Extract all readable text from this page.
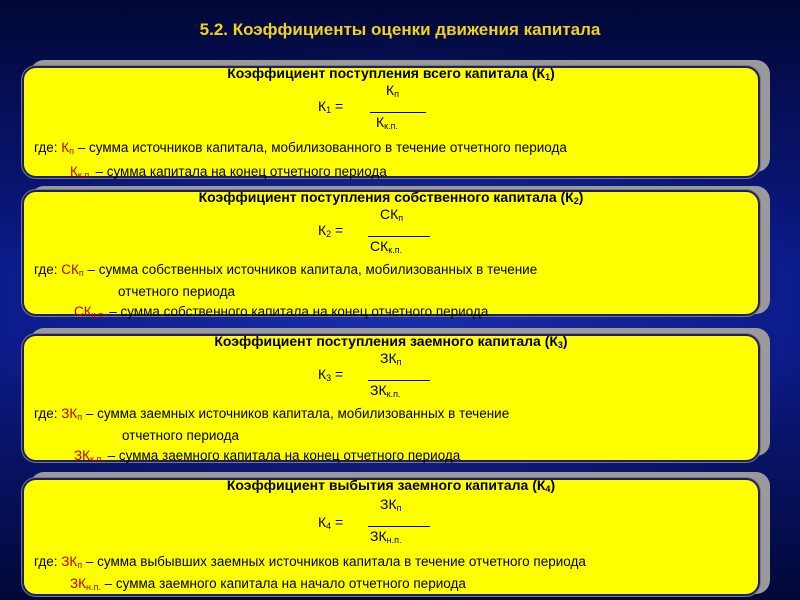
5.2. Коэффициенты оценки движения капитала
Коэффициент поступления всего капитала $(К_1)$
$К_1$ =
$К_п$
$К_{к.п.}$
где: $К_п$ – сумма источников капитала, мобилизованного в течение отчетного периода
$К_{к.п.}$ – сумма капитала на конец отчетного периода
Коэффициент поступления собственного капитала $(К_2)$
$К_2$ =
$СК_п$
$СК_{к.п.}$
где: $СК_п$ – сумма собственных источников капитала, мобилизованных в течение
отчетного периода
$СК_{к.п.}$ – сумма собственного капитала на конец отчетного периода
Коэффициент поступления заемного капитала $(К_3)$
$К_3$ =
$ЗК_п$
$ЗК_{к.п.}$
где: $ЗК_п$ – сумма заемных источников капитала, мобилизованных в течение
отчетного периода
$ЗК_{к.п.}$ – сумма заемного капитала на конец отчетного периода
Коэффициент выбытия заемного капитала $(К_4)$
$К_4$ =
$ЗК_п$
$ЗК_{н.п.}$
где: $ЗК_п$ – сумма выбывших заемных источников капитала в течение отчетного периода
$ЗК_{н.п.}$ – сумма заемного капитала на начало отчетного периода
